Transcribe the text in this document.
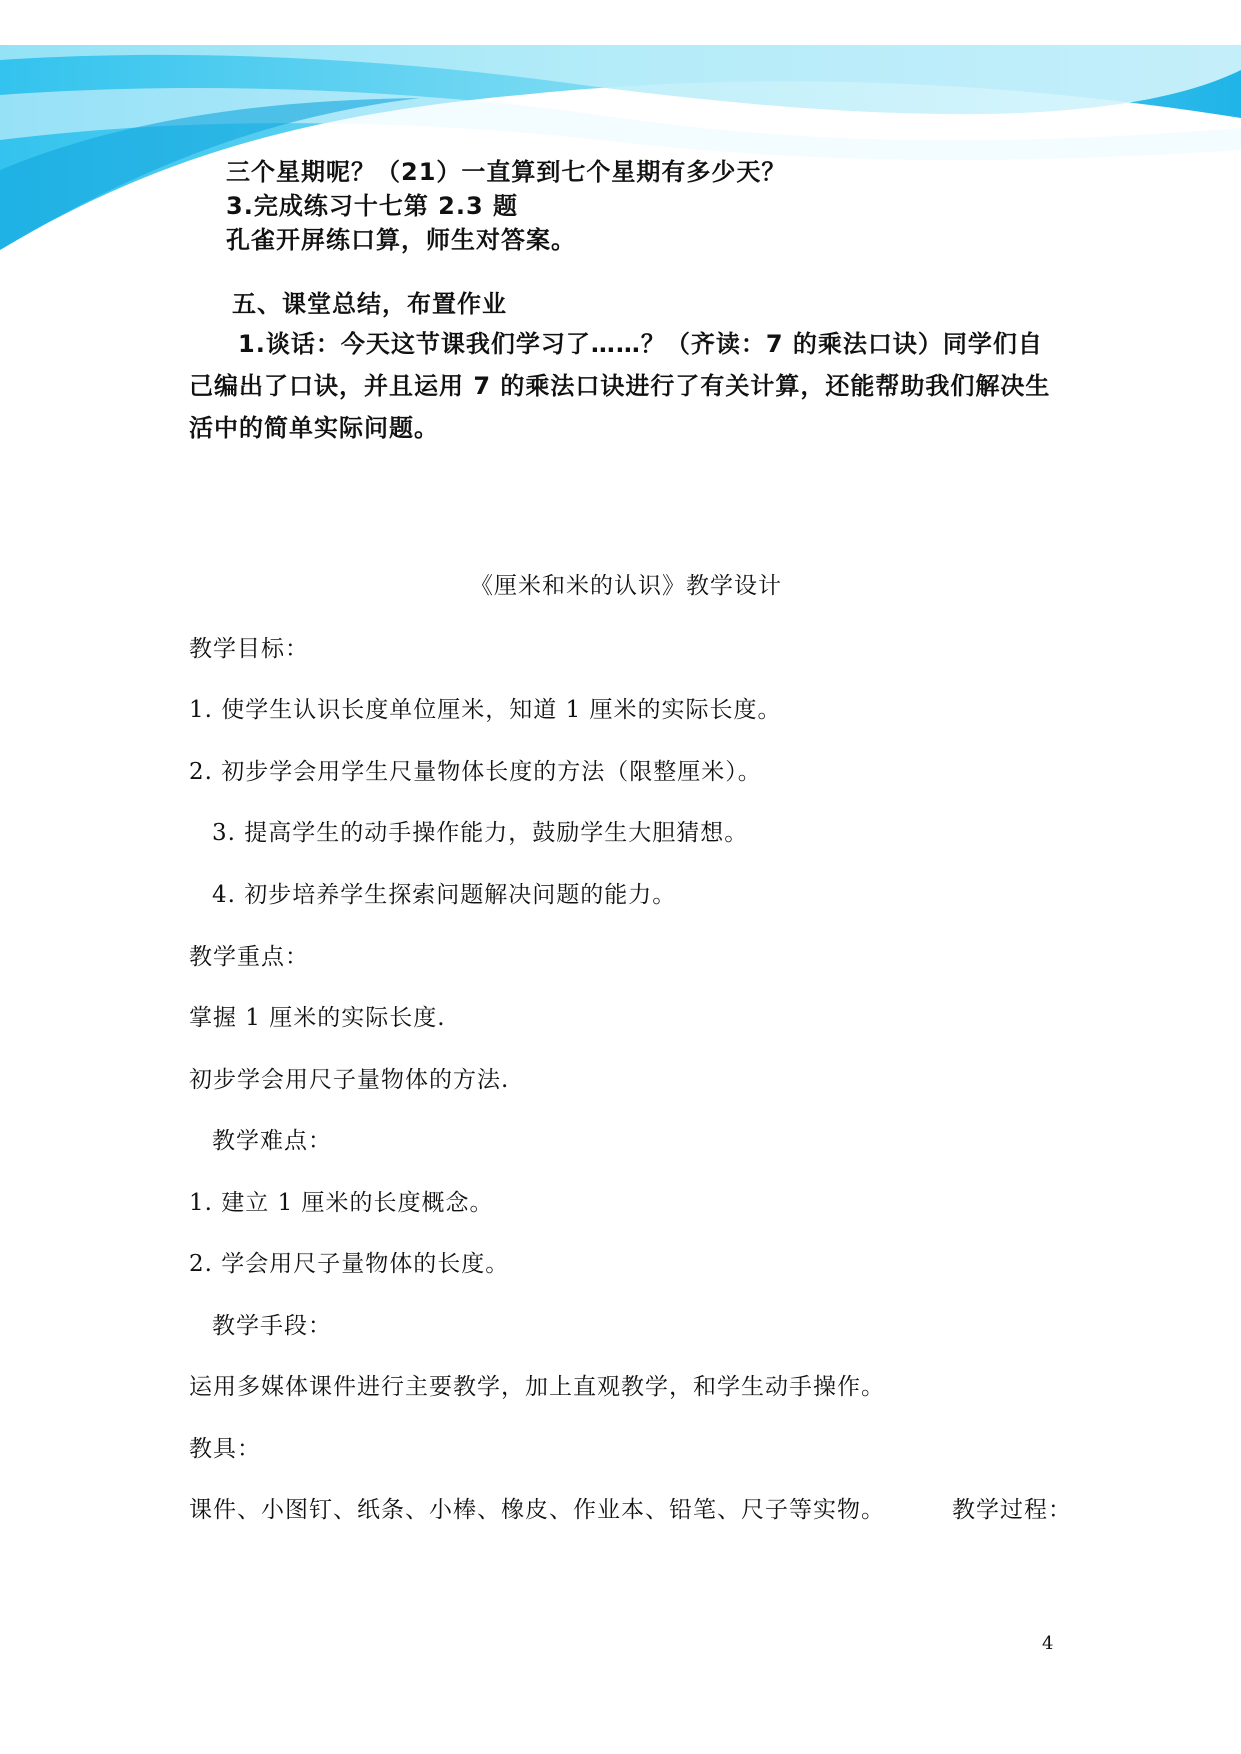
三个星期呢？（21）一直算到七个星期有多少天？

3.完成练习十七第 2.3 题

孔雀开屏练口算，师生对答案。

五、课堂总结，布置作业

1.谈话：今天这节课我们学习了……？（齐读：7 的乘法口诀）同学们自

己编出了口诀，并且运用 7 的乘法口诀进行了有关计算，还能帮助我们解决生

活中的简单实际问题。

《厘米和米的认识》教学设计

教学目标：

1. 使学生认识长度单位厘米，知道 1 厘米的实际长度。

2. 初步学会用学生尺量物体长度的方法（限整厘米）。

3. 提高学生的动手操作能力，鼓励学生大胆猜想。

4. 初步培养学生探索问题解决问题的能力。

教学重点：

掌握 1 厘米的实际长度.

初步学会用尺子量物体的方法.

教学难点：

1. 建立 1 厘米的长度概念。

2. 学会用尺子量物体的长度。

教学手段：

运用多媒体课件进行主要教学，加上直观教学，和学生动手操作。

教具：

课件、小图钉、纸条、小棒、橡皮、作业本、铅笔、尺子等实物。	教学过程：

4
